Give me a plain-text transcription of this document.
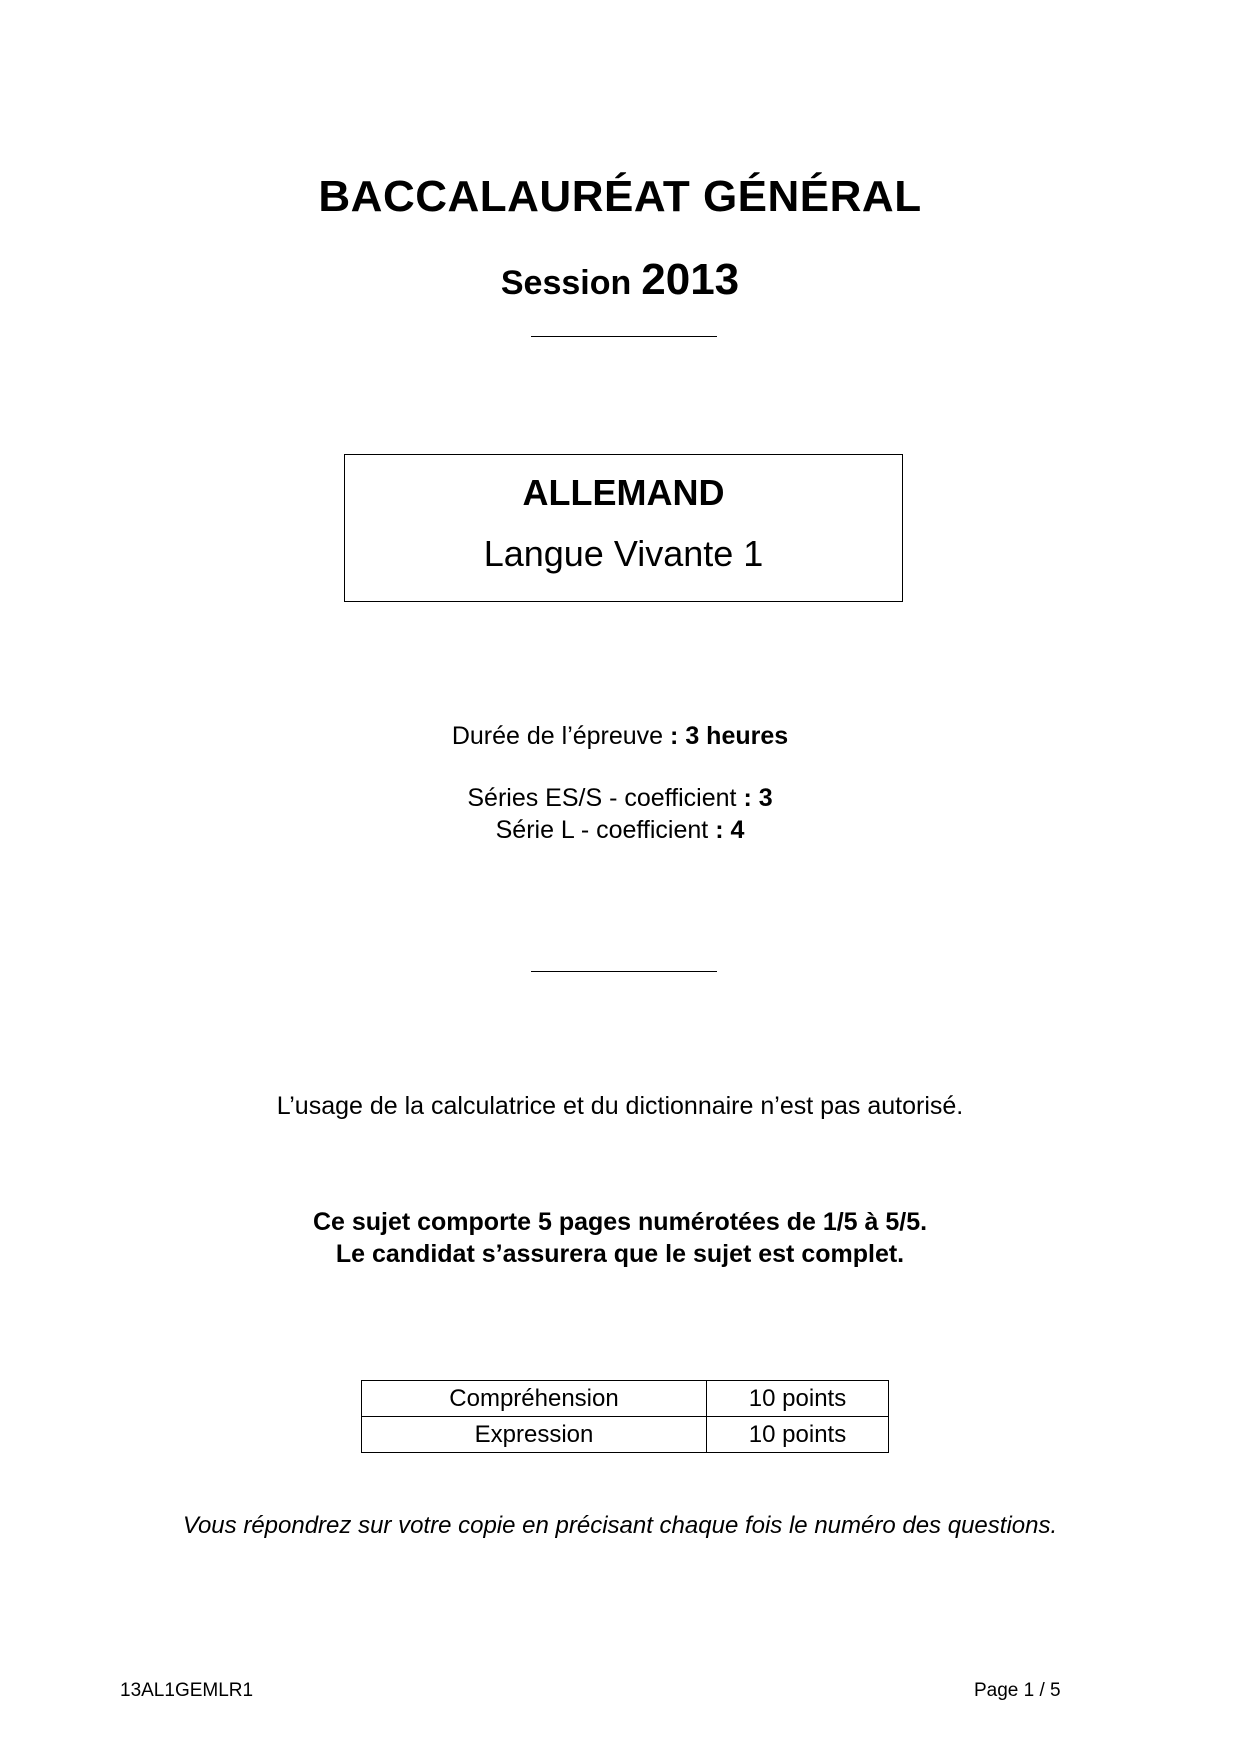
BACCALAURÉAT GÉNÉRAL
Session 2013
ALLEMAND
Langue Vivante 1
Durée de l’épreuve : 3 heures
Séries ES/S - coefficient : 3
Série L - coefficient : 4
L’usage de la calculatrice et du dictionnaire n’est pas autorisé.
Ce sujet comporte 5 pages numérotées de 1/5 à 5/5.
Le candidat s’assurera que le sujet est complet.
Compréhension	10 points
Expression	10 points
Vous répondrez sur votre copie en précisant chaque fois le numéro des questions.
13AL1GEMLR1	Page 1 / 5
